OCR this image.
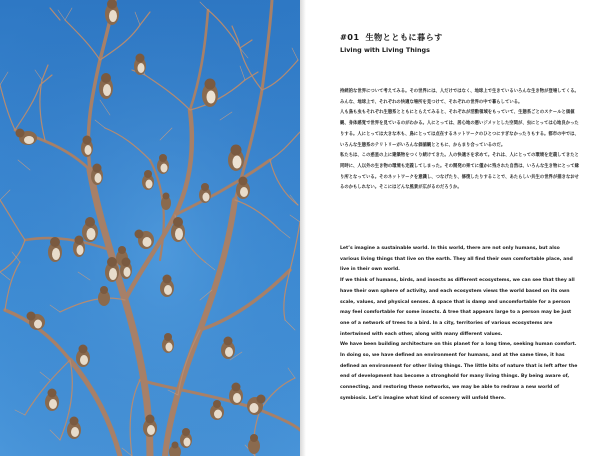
#01 生物とともに暮らす
Living with Living Things

持続的な世界について考えてみる。その世界には、人だけではなく、地球上で生きているいろんな生き物が登場してくる。みんな、地球上で、それぞれの快適な場所を見つけて、それぞれの世界の中で暮らしている。

人も鳥も虫もそれぞれ生態系とともにとらえてみると、それぞれが活動領域をもっていて、生態系ごとのスケールと価値観、身体感覚で世界を見ているのがわかる。人にとっては、居心地の悪いジメッとした空間が、虫にとっては心地良かったりする。人にとっては大きな木も、鳥にとっては点在するネットワークのひとつにすぎなかったりもする。都市の中では、いろんな生態系のテリトリーがいろんな価値観とともに、からまり合っているのだ。

私たちは、この惑星の上に建築物をつくり続けてきた。人の快適さを求めて。それは、人にとっての環境を定義してきたと同時に、人以外の生き物の環境も定義してしまった。その開発の果てに僅かに残された自然は、いろんな生き物にとって縁り所となっている。そのネットワークを意識し、つなげたり、修復したりすることで、あたらしい共生の世界が描きなおせるのかもしれない。そこにはどんな風景が広がるのだろうか。

Let’s imagine a sustainable world. In this world, there are not only humans, but also various living things that live on the earth. They all find their own comfortable place, and live in their own world.

If we think of humans, birds, and insects as different ecosystems, we can see that they all have their own sphere of activity, and each ecosystem views the world based on its own scale, values, and physical senses. A space that is damp and uncomfortable for a person may feel comfortable for some insects. A tree that appears large to a person may be just one of a network of trees to a bird. In a city, territories of various ecosystems are intertwined with each other, along with many different values.

We have been building architecture on this planet for a long time, seeking human comfort. In doing so, we have defined an environment for humans, and at the same time, it has defined an environment for other living things. The little bits of nature that is left after the end of development has become a stronghold for many living things. By being aware of, connecting, and restoring these networks, we may be able to redraw a new world of symbiosis. Let’s imagine what kind of scenery will unfold there.
